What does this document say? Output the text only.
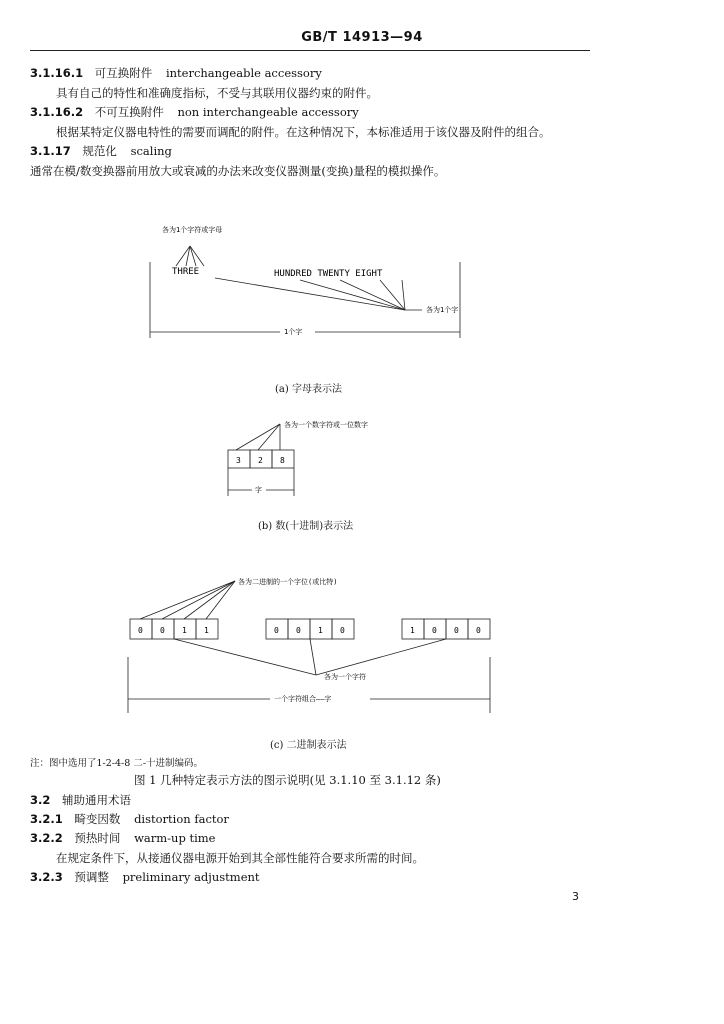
GB/T 14913—94
3.1.16.1 可互换附件 interchangeable accessory
具有自己的特性和准确度指标，不受与其联用仪器约束的附件。
3.1.16.2 不可互换附件 non interchangeable accessory
根据某特定仪器电特性的需要而调配的附件。在这种情况下，本标准适用于该仪器及附件的组合。
3.1.17 规范化 scaling
通常在模/数变换器前用放大或衰减的办法来改变仪器测量(变换)量程的模拟操作。
各为1个字符或字母
THREE	HUNDRED TWENTY EIGHT
各为1个字
1个字
(a) 字母表示法
各为一个数字符或一位数字
3 2 8
字
(b) 数(十进制)表示法
各为二进制的一个字位(或比特)
0 0 1 1	0 0 1 0	1 0 0 0
各为一个字符
一个字符组合——字
(c) 二进制表示法
注：图中选用了1-2-4-8 二-十进制编码。
图 1 几种特定表示方法的图示说明(见 3.1.10 至 3.1.12 条)
3.2 辅助通用术语
3.2.1 畸变因数 distortion factor
3.2.2 预热时间 warm-up time
在规定条件下，从接通仪器电源开始到其全部性能符合要求所需的时间。
3.2.3 预调整 preliminary adjustment
3
